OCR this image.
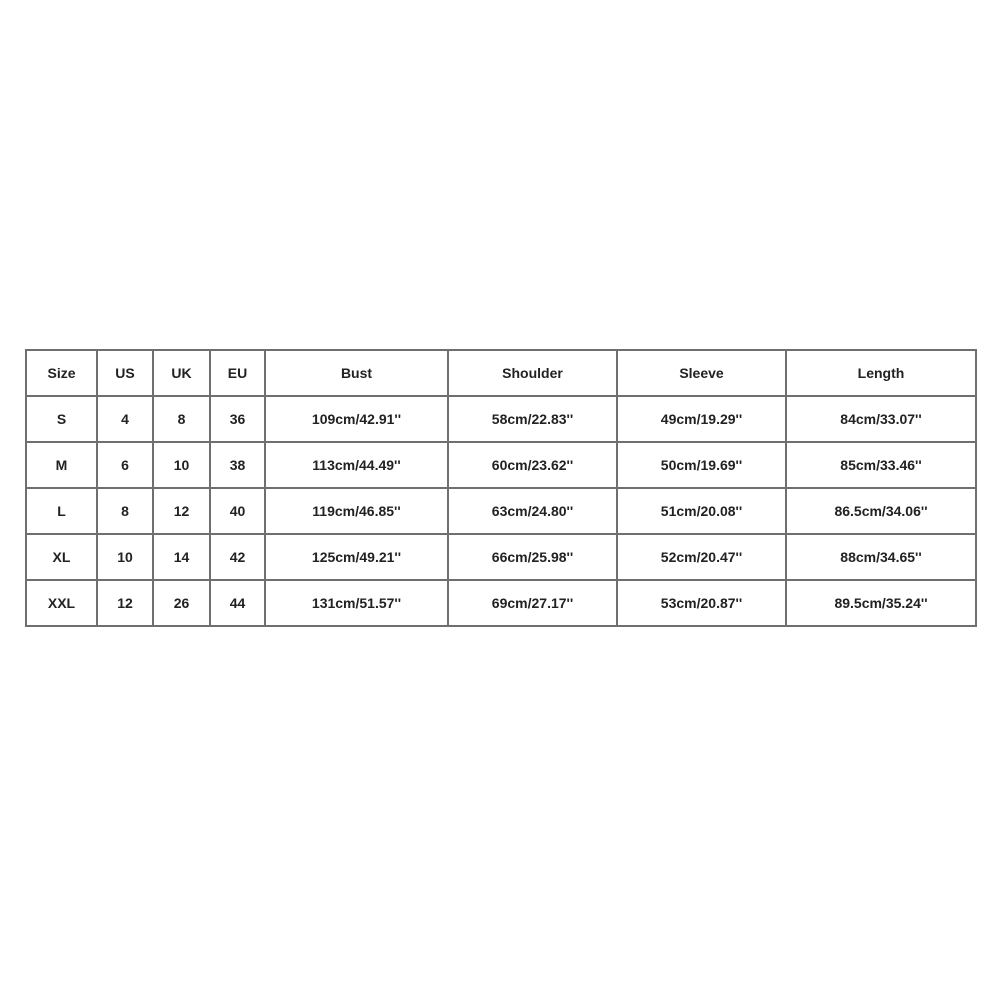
Size	US	UK	EU	Bust	Shoulder	Sleeve	Length
S	4	8	36	109cm/42.91''	58cm/22.83''	49cm/19.29''	84cm/33.07''
M	6	10	38	113cm/44.49''	60cm/23.62''	50cm/19.69''	85cm/33.46''
L	8	12	40	119cm/46.85''	63cm/24.80''	51cm/20.08''	86.5cm/34.06''
XL	10	14	42	125cm/49.21''	66cm/25.98''	52cm/20.47''	88cm/34.65''
XXL	12	26	44	131cm/51.57''	69cm/27.17''	53cm/20.87''	89.5cm/35.24''
